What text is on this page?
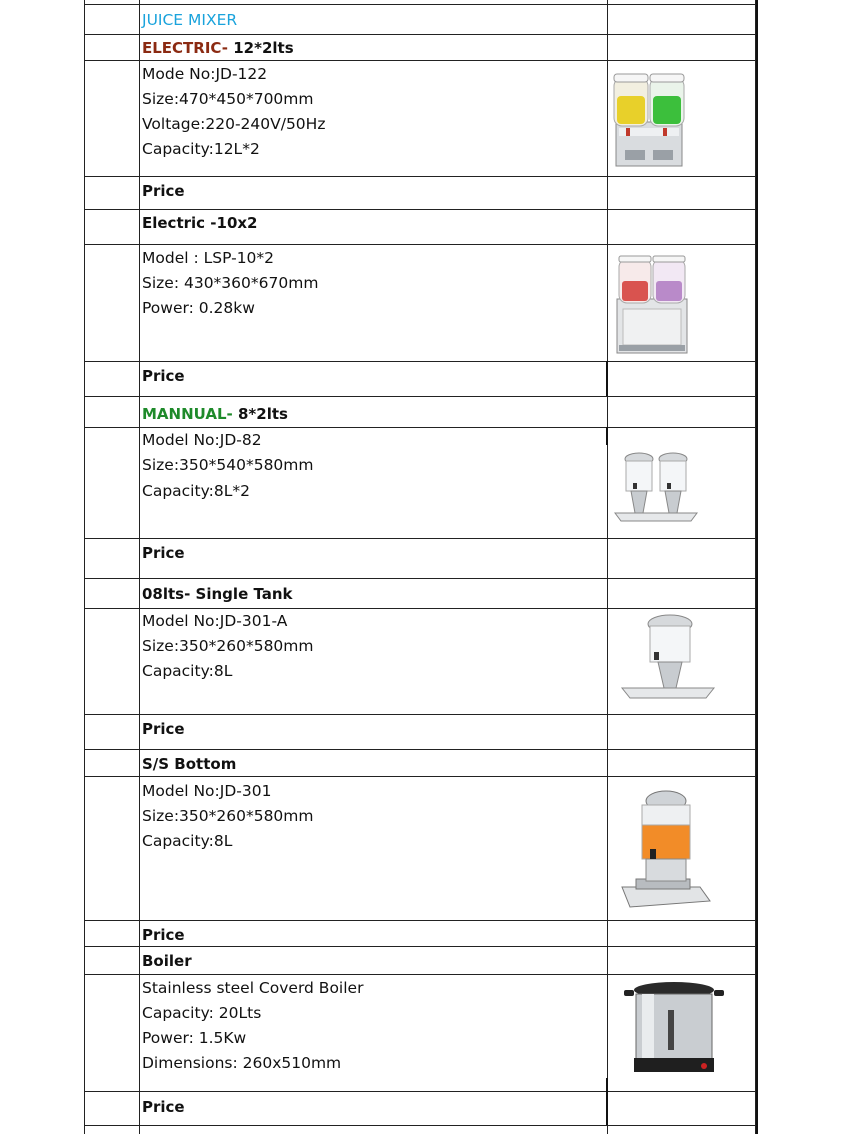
JUICE MIXER
ELECTRIC- 12*2lts
Mode No:JD-122
Size:470*450*700mm
Voltage:220-240V/50Hz
Capacity:12L*2
Price
Electric -10x2
Model : LSP-10*2
Size: 430*360*670mm
Power: 0.28kw
Price
MANNUAL- 8*2lts
Model No:JD-82
Size:350*540*580mm
Capacity:8L*2
Price
08lts- Single Tank
Model No:JD-301-A
Size:350*260*580mm
Capacity:8L
Price
S/S Bottom
Model No:JD-301
Size:350*260*580mm
Capacity:8L
Price
Boiler
Stainless steel Coverd Boiler
Capacity: 20Lts
Power: 1.5Kw
Dimensions: 260x510mm
Price
